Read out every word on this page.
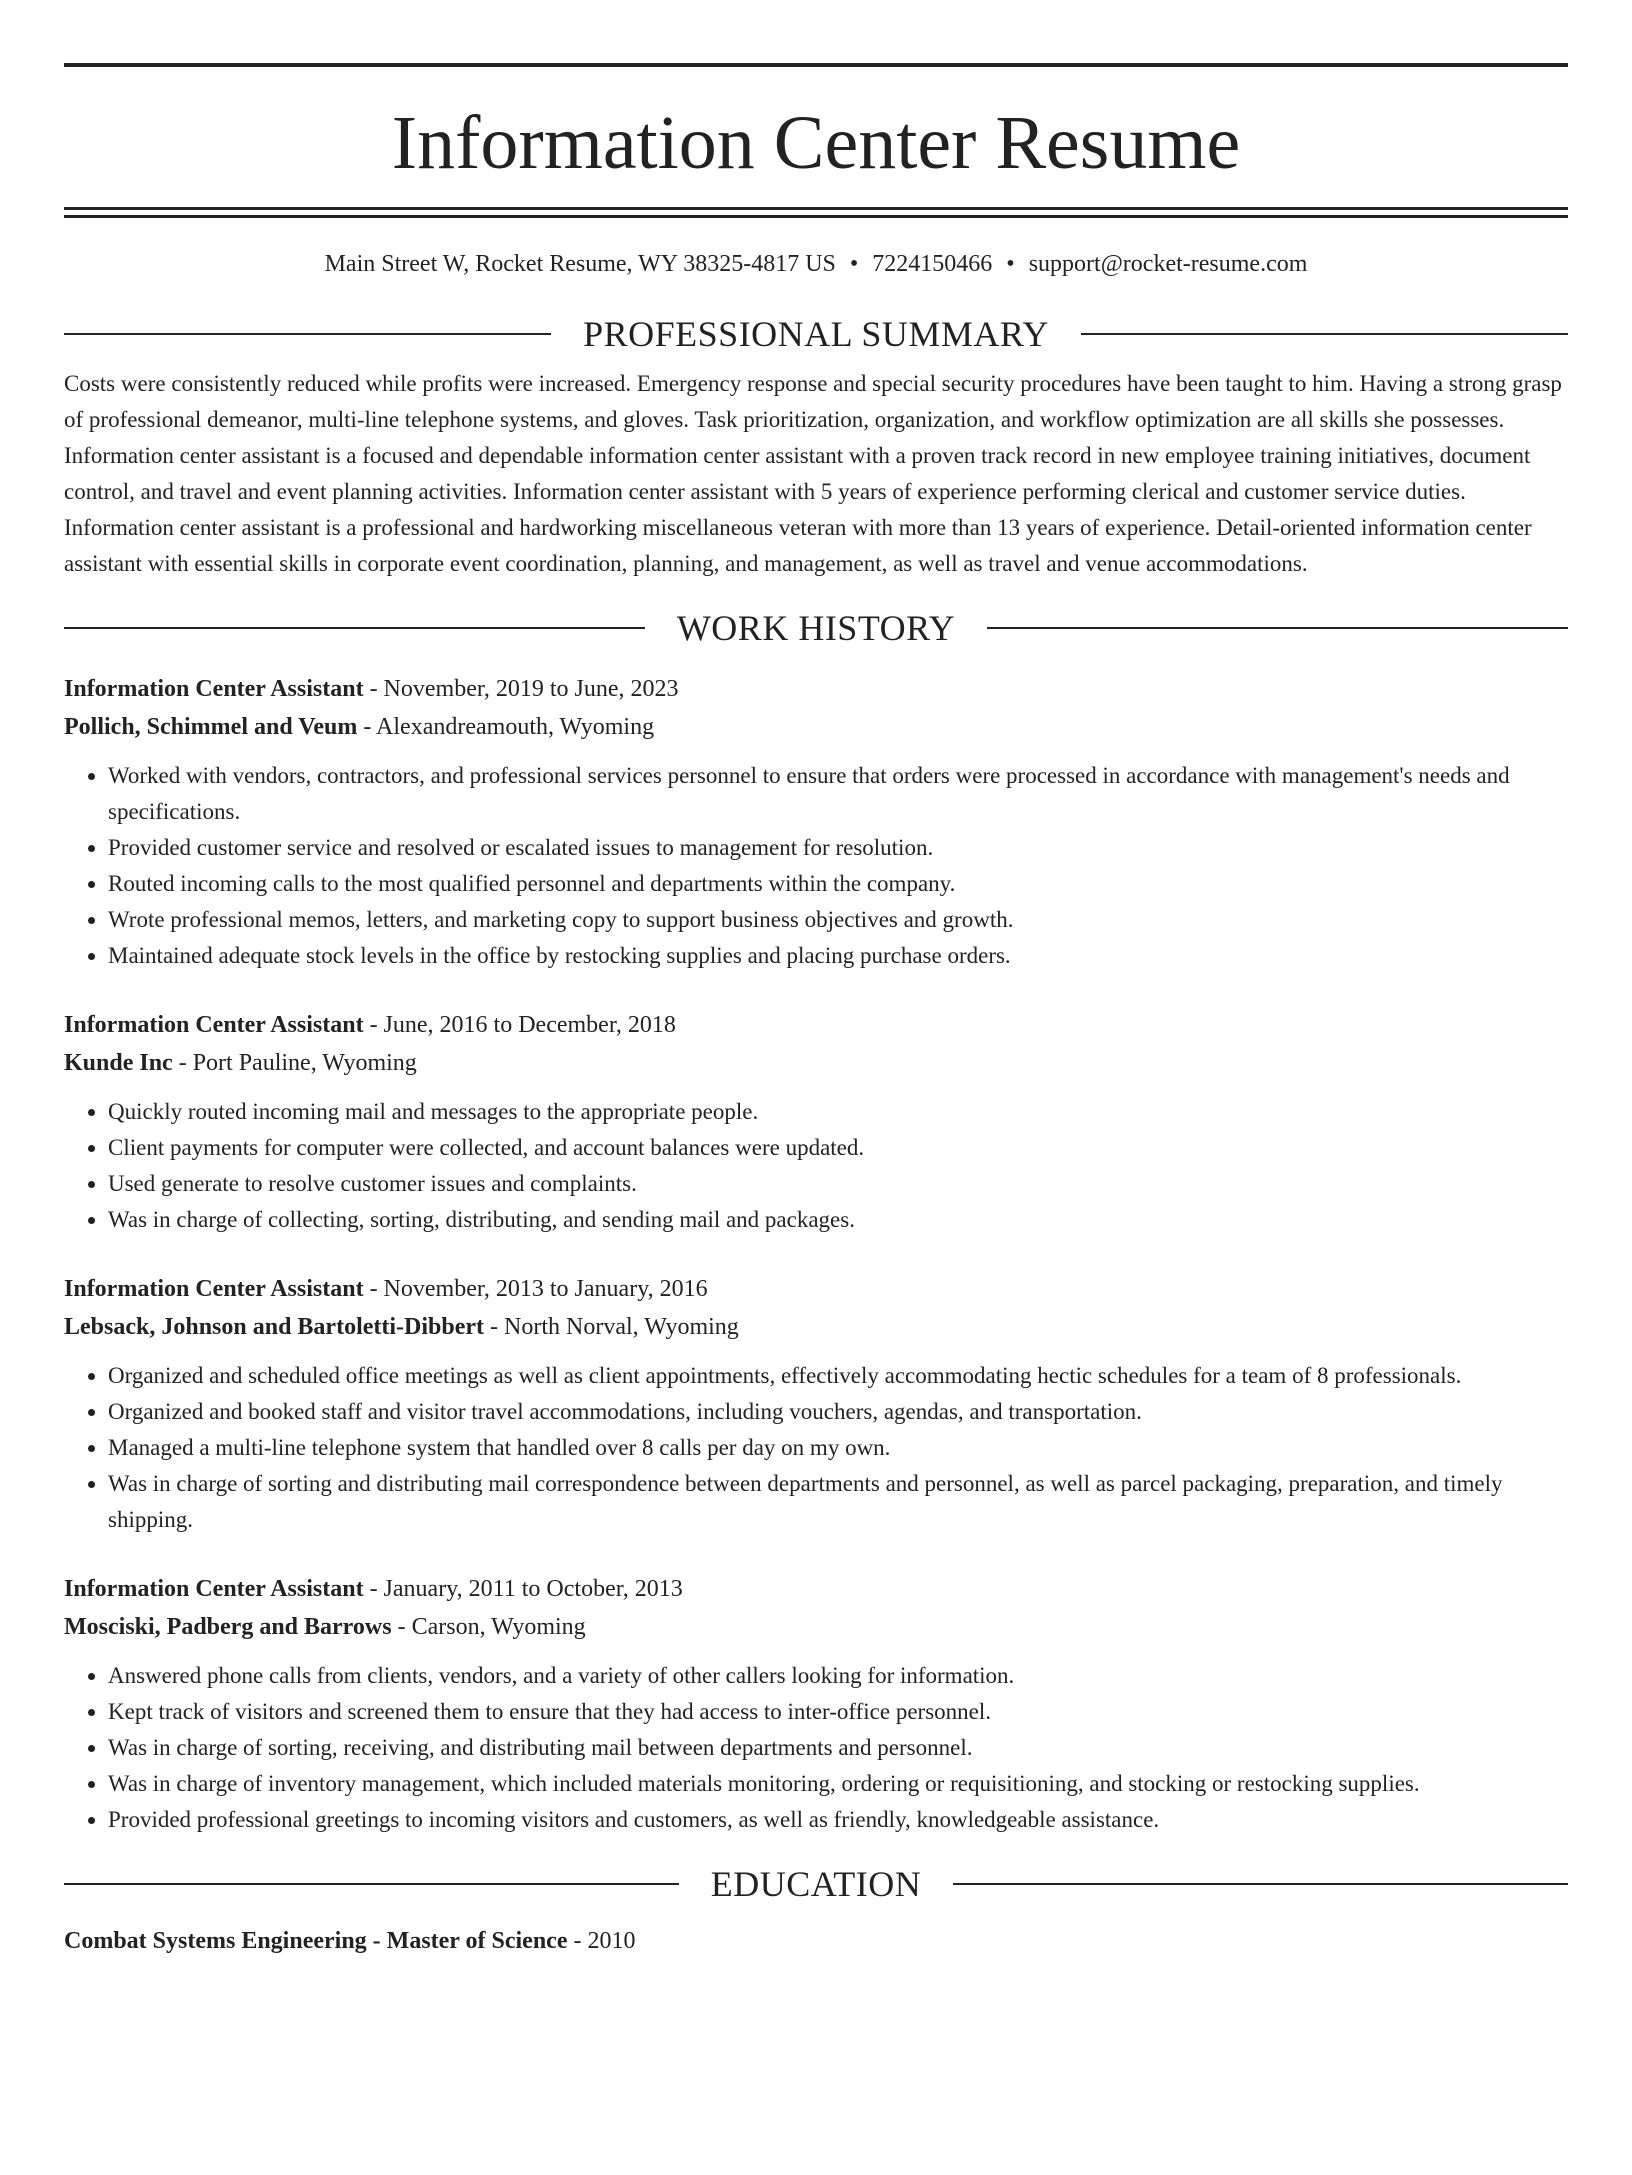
Information Center Resume
Main Street W, Rocket Resume, WY 38325-4817 US • 7224150466 • support@rocket-resume.com
PROFESSIONAL SUMMARY
Costs were consistently reduced while profits were increased. Emergency response and special security procedures have been taught to him. Having a strong grasp of professional demeanor, multi-line telephone systems, and gloves. Task prioritization, organization, and workflow optimization are all skills she possesses. Information center assistant is a focused and dependable information center assistant with a proven track record in new employee training initiatives, document control, and travel and event planning activities. Information center assistant with 5 years of experience performing clerical and customer service duties. Information center assistant is a professional and hardworking miscellaneous veteran with more than 13 years of experience. Detail-oriented information center assistant with essential skills in corporate event coordination, planning, and management, as well as travel and venue accommodations.
WORK HISTORY
Information Center Assistant - November, 2019 to June, 2023
Pollich, Schimmel and Veum - Alexandreamouth, Wyoming
• Worked with vendors, contractors, and professional services personnel to ensure that orders were processed in accordance with management's needs and specifications.
• Provided customer service and resolved or escalated issues to management for resolution.
• Routed incoming calls to the most qualified personnel and departments within the company.
• Wrote professional memos, letters, and marketing copy to support business objectives and growth.
• Maintained adequate stock levels in the office by restocking supplies and placing purchase orders.
Information Center Assistant - June, 2016 to December, 2018
Kunde Inc - Port Pauline, Wyoming
• Quickly routed incoming mail and messages to the appropriate people.
• Client payments for computer were collected, and account balances were updated.
• Used generate to resolve customer issues and complaints.
• Was in charge of collecting, sorting, distributing, and sending mail and packages.
Information Center Assistant - November, 2013 to January, 2016
Lebsack, Johnson and Bartoletti-Dibbert - North Norval, Wyoming
• Organized and scheduled office meetings as well as client appointments, effectively accommodating hectic schedules for a team of 8 professionals.
• Organized and booked staff and visitor travel accommodations, including vouchers, agendas, and transportation.
• Managed a multi-line telephone system that handled over 8 calls per day on my own.
• Was in charge of sorting and distributing mail correspondence between departments and personnel, as well as parcel packaging, preparation, and timely shipping.
Information Center Assistant - January, 2011 to October, 2013
Mosciski, Padberg and Barrows - Carson, Wyoming
• Answered phone calls from clients, vendors, and a variety of other callers looking for information.
• Kept track of visitors and screened them to ensure that they had access to inter-office personnel.
• Was in charge of sorting, receiving, and distributing mail between departments and personnel.
• Was in charge of inventory management, which included materials monitoring, ordering or requisitioning, and stocking or restocking supplies.
• Provided professional greetings to incoming visitors and customers, as well as friendly, knowledgeable assistance.
EDUCATION
Combat Systems Engineering - Master of Science - 2010
